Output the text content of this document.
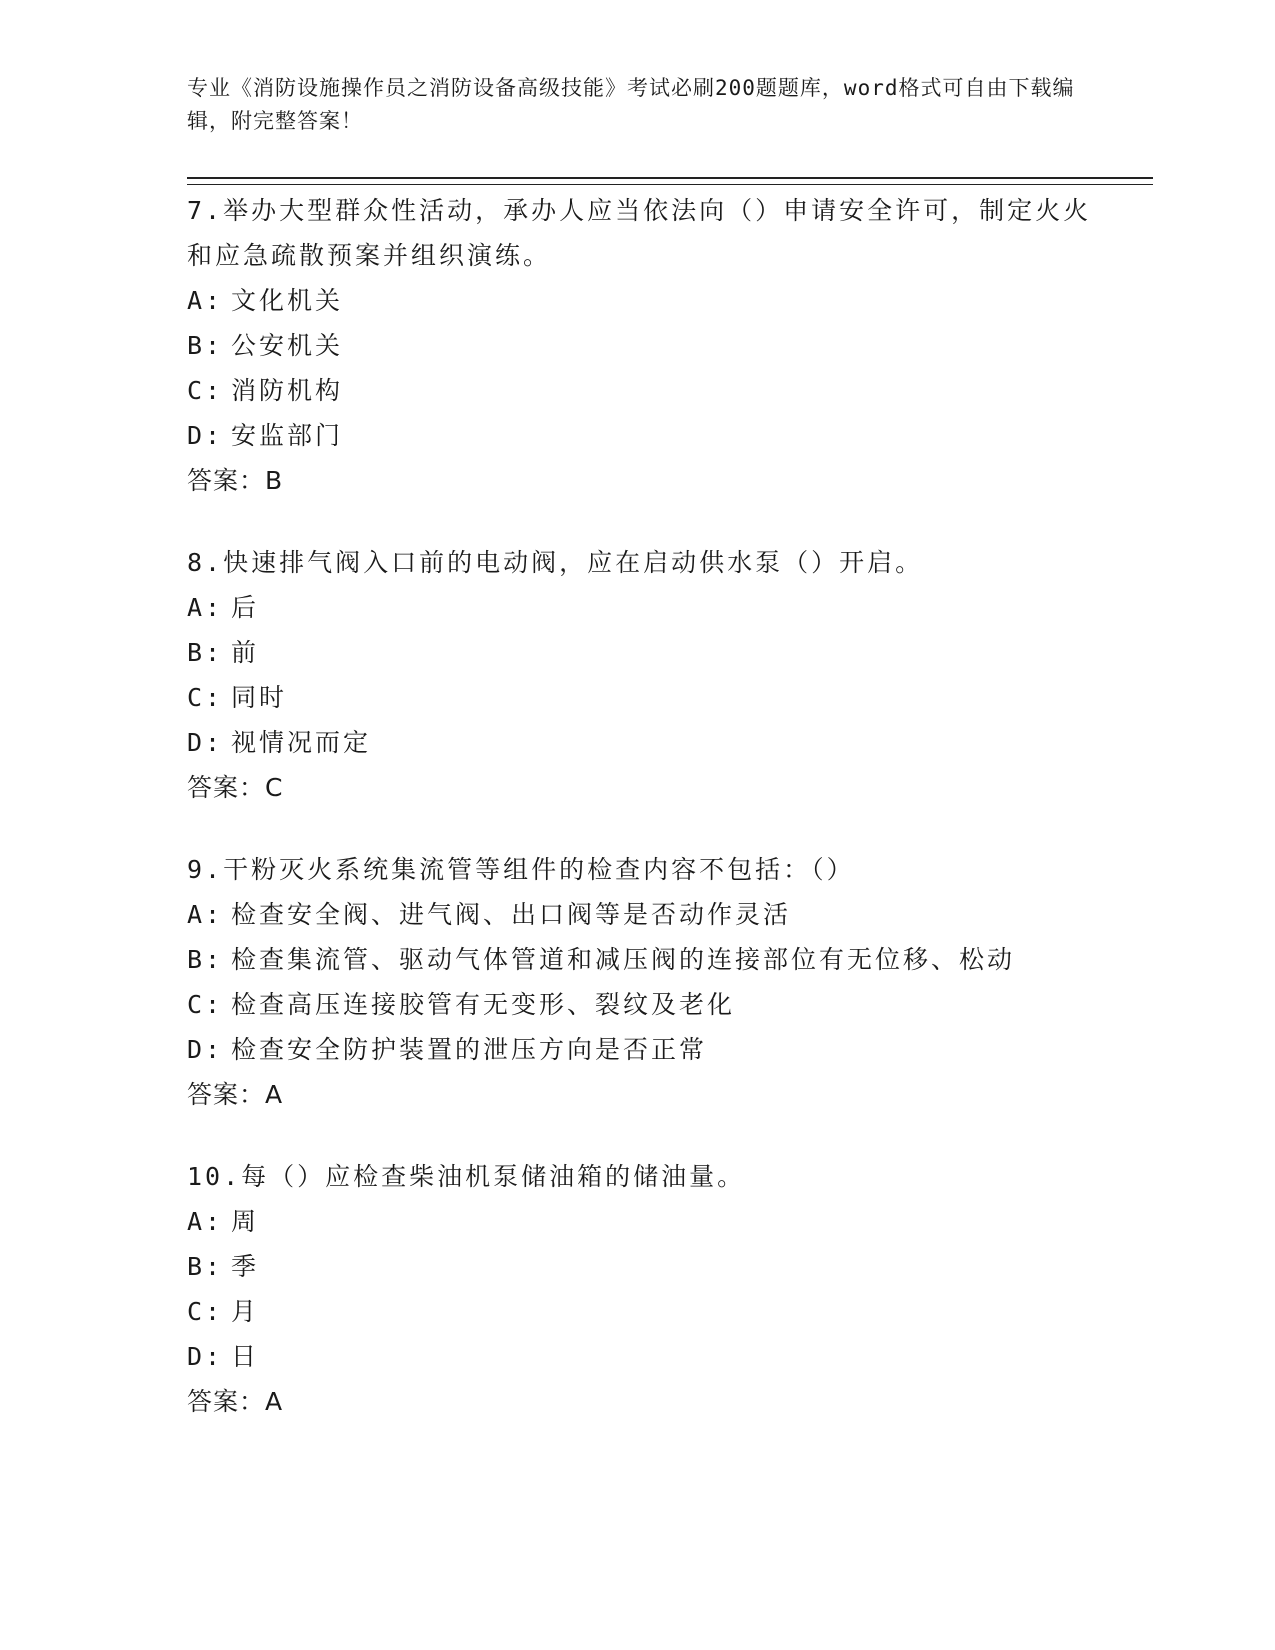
专业《消防设施操作员之消防设备高级技能》考试必刷200题题库，word格式可自由下载编辑，附完整答案！

7.举办大型群众性活动，承办人应当依法向（）申请安全许可，制定火火和应急疏散预案并组织演练。

A: 文化机关
B: 公安机关
C: 消防机构
D: 安监部门
答案：B

8.快速排气阀入口前的电动阀，应在启动供水泵（）开启。

A: 后
B: 前
C: 同时
D: 视情况而定
答案：C

9.干粉灭火系统集流管等组件的检查内容不包括：（）

A: 检查安全阀、进气阀、出口阀等是否动作灵活
B: 检查集流管、驱动气体管道和减压阀的连接部位有无位移、松动
C: 检查高压连接胶管有无变形、裂纹及老化
D: 检查安全防护装置的泄压方向是否正常
答案：A

10.每（）应检查柴油机泵储油箱的储油量。

A: 周
B: 季
C: 月
D: 日
答案：A
